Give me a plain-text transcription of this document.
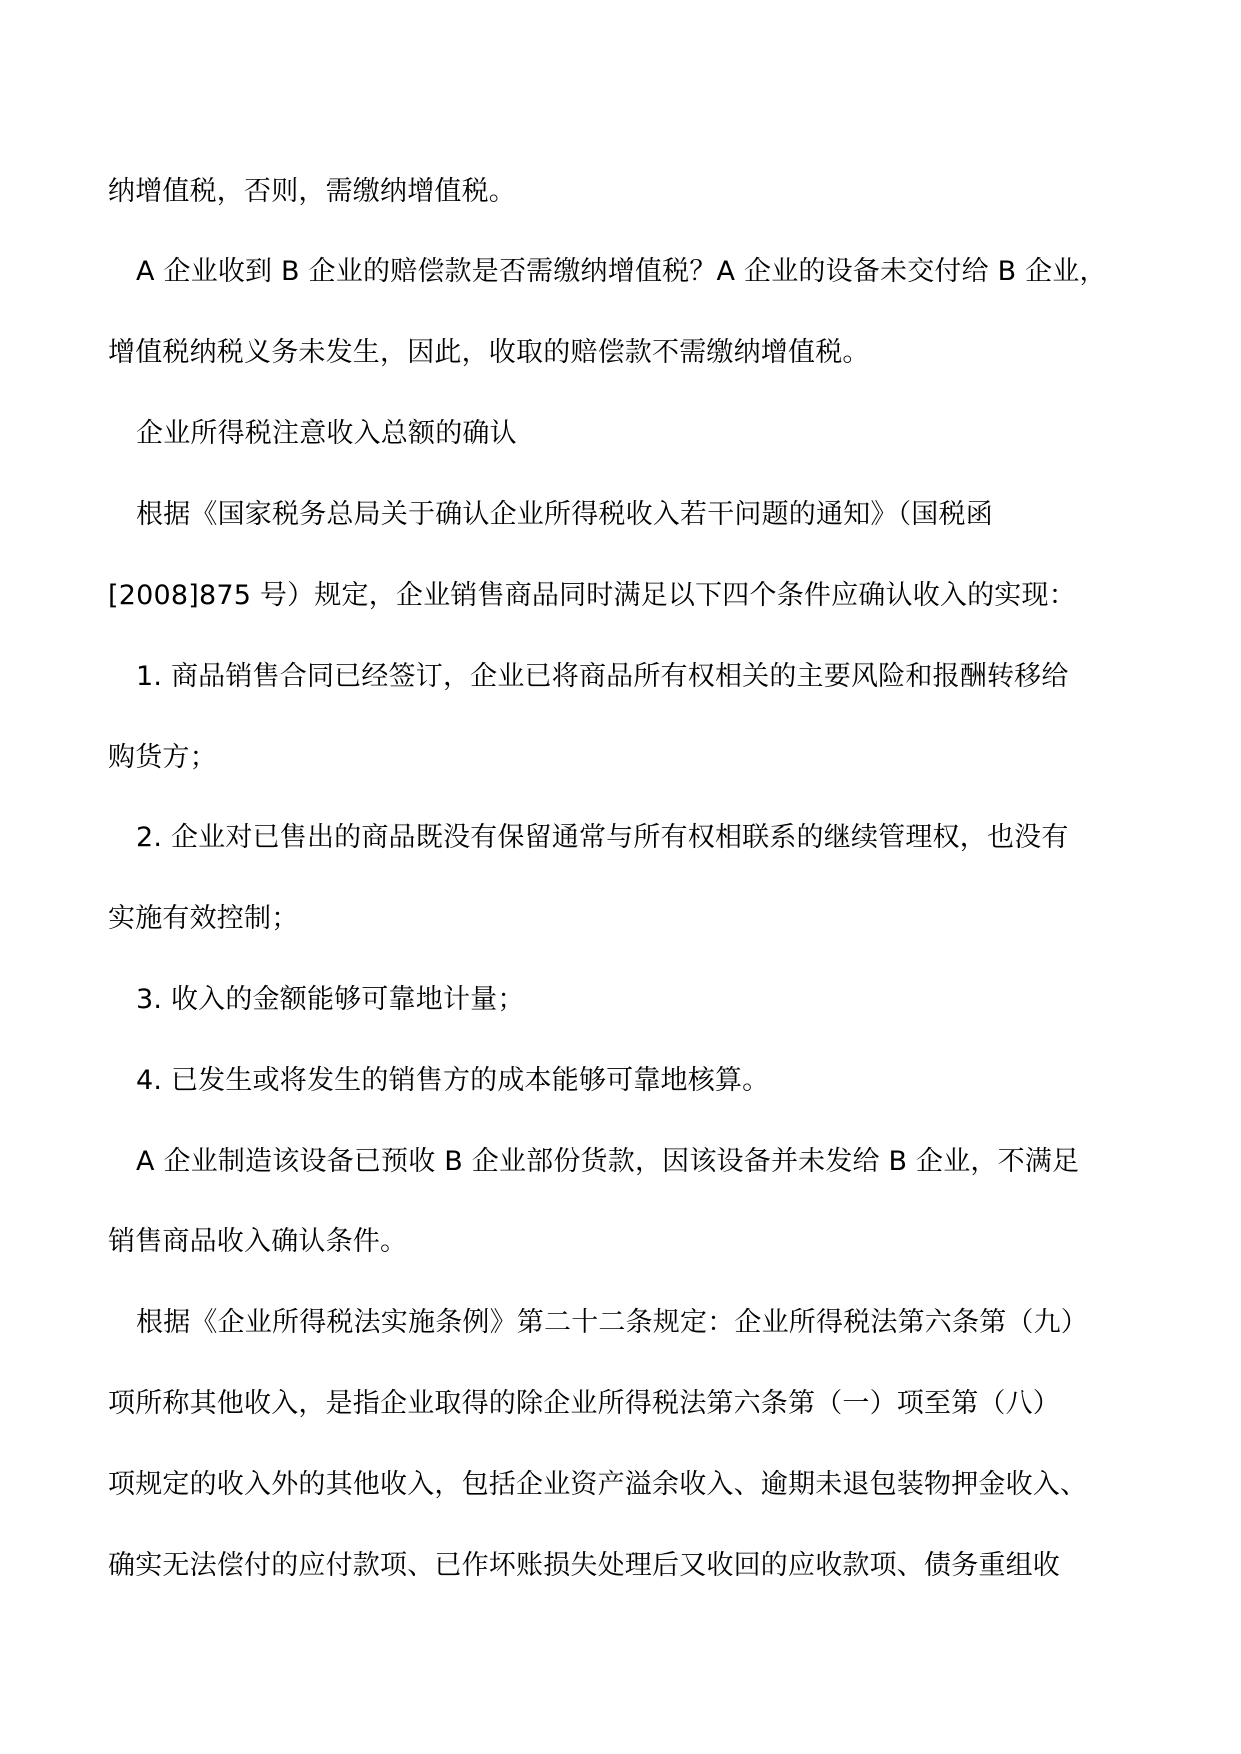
纳增值税，否则，需缴纳增值税。
A 企业收到 B 企业的赔偿款是否需缴纳增值税？A 企业的设备未交付给 B 企业，
增值税纳税义务未发生，因此，收取的赔偿款不需缴纳增值税。
企业所得税注意收入总额的确认
根据《国家税务总局关于确认企业所得税收入若干问题的通知》（国税函
[2008]875 号）规定，企业销售商品同时满足以下四个条件应确认收入的实现：
1. 商品销售合同已经签订，企业已将商品所有权相关的主要风险和报酬转移给
购货方；
2. 企业对已售出的商品既没有保留通常与所有权相联系的继续管理权，也没有
实施有效控制；
3. 收入的金额能够可靠地计量；
4. 已发生或将发生的销售方的成本能够可靠地核算。
A 企业制造该设备已预收 B 企业部份货款，因该设备并未发给 B 企业，不满足
销售商品收入确认条件。
根据《企业所得税法实施条例》第二十二条规定：企业所得税法第六条第（九）
项所称其他收入，是指企业取得的除企业所得税法第六条第（一）项至第（八）
项规定的收入外的其他收入，包括企业资产溢余收入、逾期未退包装物押金收入、
确实无法偿付的应付款项、已作坏账损失处理后又收回的应收款项、债务重组收
